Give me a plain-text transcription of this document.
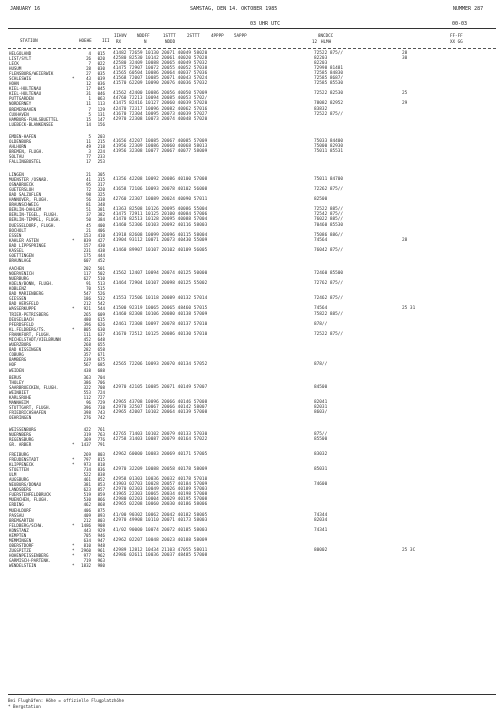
JANUARY 16	SAMSTAG, DEN 14. OKTOBER 1985	NUMMER 287
03 UHR UTC	00-03
STATION	HOEHE III
IIHVV
RX
NDDFF
N
1STTT
NDDD
2STTT	4PPPP 5APPP	8NCDCC
12 HLMH
FF-FF
XX GG
HELGOLAND	4	015 41482 72659 10130 20071 40049 58020	72522 875//	28
LIST/SYLT	26	020 42580 82530 10142 20061 40020 57028	82203	30
LECK	7	022 42580 32409 10088 20065 40049 57032	82203
HUSUM	28	030 41475 72907 10072 20055 40052 57038	72998 81481
FLENSBURG/WEIERWIK	27	035 41565 60504 10086 20064 40037 57036	72585 84830
SCHLESWIG	*	43	039 41568 72007 10085 20071 40043 57024	72585 8687/
HOHN	12	036 41570 62209 10090 20076 40036 57032	72585 85530
KIEL-HOLTENAU	17	045
KIEL-HOLTENAU	31	046 41562 42400 10086 20056 40050 57009	72522 82530	25
PUTTGARDEN	1	063 44760 72213 10094 20085 40053 5702/
NORDERNEY	11	113 41475 82416 10127 20060 40039 57020	78082 82952	29
BREMERHAVEN	7	129 42470 72317 10096 20082 40062 57016	83832
CUXHAVEN	5	131 41670 72304 10095 20073 40039 57027	72522 875//
HAMBURG-FUHLSBUETTEL	15	147 42970 22308 10073 20074 40048 57020
LUEBECK-BLANKENSEE	14	156
EMDEN-HAFEN	5	203
OLDENBURG	11	215 41656 42207 10085 20067 40085 57009	75033 84400
AHLHORN	49	218 41956 22309 10086 20060 40068 58013	75000 82930
BREMEN, FLUGH.	3	224 41956 32308 10077 20067 40077 58009	75011 85531
SOLTAU	77	233
FALLINGBOSTEL	17	253
LINGEN	21	305
MUENSTER /OSNAB.	41	315 41356 42208 10092 20086 40100 57008	75011 84700
OSNABRUECK	95	317
GUETERSLOH	72	320 41658 72106 10093 20078 40102 56008	72262 875//
BAD SALZUFLEN	98	325
HANNOVER, FLUGH.	56	338 42760 22307 10089 20024 40090 57011	82500
BRAUNSCHWEIG	81	348
BERLIN-DAHLEM	51	381 41363 82508 10126 20095 40086 55004	72522 885//
BERLIN-TEGEL, FLUGH.	37	382 41475 72911 10125 20100 40084 57006	72542 875//
BERLIN-TEMPEL, FLUGH.	50	384 41470 82513 10128 20095 40088 57004	76022 885//
DUESSELDORF, FLUGH.	45	400 41460 52306 10103 20092 40116 58003	70460 85530
BOCHOLT	21	406
ESSEN	153	410 41918 82608 10099 20096 40115 58004	75086 886//
KAHLER ASTEN	*	839	427 41904 93112 10071 20073 40430 55009	74564	28
BAD LIPPSPRINGE	157	430
KASSEL	231	438 41460 89907 10107 20102 40109 56005	76042 875//
GOETTINGEN	175	444
BRAUNLAGE	607	452
AACHEN	202	501
NOERVENICH	117	502 41562 12407 10094 20074 40125 50000	72460 85500
NUERBURG	627	510
KOELN/BONN, FLUGH.	91	513 41464 72904 10107 20098 40125 55002	72762 875//
KOBLENZ	70	515
BAD MARIENBERG	547	526
GIESSEN	186	532 41553 72506 10118 20089 40132 57014	72462 875//
BAD HERSFELD	212	542
WASSERKUPPE	*	921	544 41500 92319 10065 20065 48460 57015	74564	25 31
TRIER-PETRISBERG	265	609 41460 82308 10106 20080 40138 57009	75822 885//
DEUSELBACH	480	615
PFERDSFELD	396	626 42461 72308 10097 20078 40137 57010	878//
KL.FELDBERG/TS.	*	805	630
FRANKFURT, FLUGH.	111	637 41670 72512 10125 20086 40130 57010	72522 875//
MICHELSTADT/VIELBRUNN	452	648
WUERZBURG	268	655
BAD KISSINGEN	282	658
COBURG	357	671
BAMBERG	239	675
HOF	567	685 42565 72206 10093 20070 40134 57052	878//
WEIDEN	438	688
BERUS	363	704
THOLEY	386	706
SAARBRUECKEN, FLUGH.	322	708 42970 42105 10085 20071 40149 57007	84500
WEINBIET	553	724
KARLSRUHE	112	727
MANNHEIM	96	729 42965 43708 10096 20066 40146 57008	82041
STUTTGART, FLUGH.	396	738 42970 32507 10067 20066 40142 58007	82031
FRIEDRICHSHAFEN	398	743 42965 42007 10102 20064 40139 57008	8603/
OEHRINGEN	276	742
WEISSENBURG	422	761
NUERNBERG	319	763 42765 71403 10102 20079 40133 57030	875//
REGENSBURG	369	776 42758 31403 10087 20079 40164 57022	85500
GR. ARBER	*	1437	791
FREIBURG	269	803 42962 60000 10083 20069 40171 57005	83032
FREUDENSTADT	*	797	815
KLIPPENECK	*	973	818
STOETTEN	734	836 42970 32209 10088 20058 40178 58009	85031
ULM	522	838
AUGSBURG	461	852 42958 01303 10036 20032 40178 57010
NEUBURG/DONAU	381	853 41903 02703 10028 20057 40184 57009	74600
LANDSBERG	623	857 42970 02303 10049 20026 40189 57003
FUERSTENFELDBRUCK	519	859 41965 22303 10065 20034 40198 57008
MUENCHEN, FLUGH.	530	866 42980 02203 10004 20029 40195 57008
ERDING	462	868 42965 02208 10060 20030 40186 58006
MUEHLDORF	406	875
PASSAU	409	893 41/00 90302 10062 20042 40182 58005	74344
BREMGARTEN	212	803 42970 49908 10110 20071 40173 58003	82034
FELDBERG/SCHW.	*	1486	908
KONSTANZ	443	929 41/02 90000 10074 20072 40185 58003	74341
KEMPTEN	705	946
MEMMINGEN	634	947 42962 02207 10048 20023 40188 58009
OBERSTDORF	*	810	948
ZUGSPITZE	*	2960	961 42989 12812 10434 21103 47055 58011	80002	25 3C
HOHENPEISSENBERG	*	977	962 42986 02611 10036 20037 48485 57008
GARMISCH-PARTENK.	719	963
WENDELSTEIN	*	1832	980
Bei Flughäfen: Höhe = offizielle Flugplatzhöhe
* Bergstation
